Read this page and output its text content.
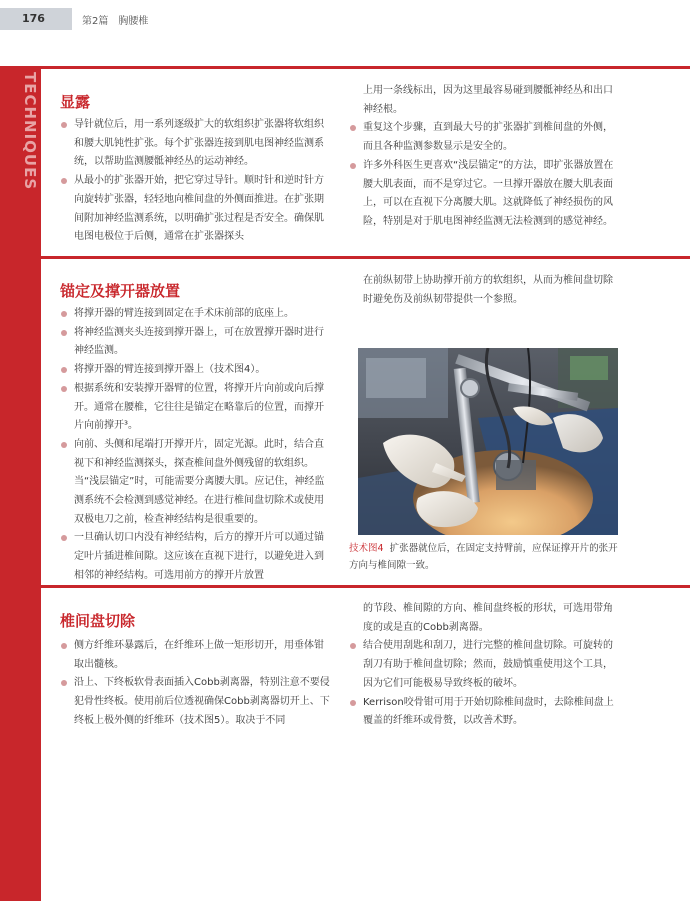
176	第2篇　胸腰椎
TECHNIQUES 显露
导针就位后，用一系列逐级扩大的软组织扩张器将软组织和腰大肌钝性扩张。每个扩张器连接到肌电图神经监测系统，以帮助监测腰骶神经丛的运动神经。
从最小的扩张器开始，把它穿过导针。顺时针和逆时针方向旋转扩张器，轻轻地向椎间盘的外侧面推进。在扩张期间附加神经监测系统，以明确扩张过程是否安全。确保肌电图电极位于后侧，通常在扩张器探头

上用一条线标出，因为这里最容易碰到腰骶神经丛和出口神经根。

重复这个步骤，直到最大号的扩张器扩到椎间盘的外侧，而且各种监测参数显示是安全的。
许多外科医生更喜欢“浅层锚定”的方法，即扩张器放置在腰大肌表面，而不是穿过它。一旦撑开器放在腰大肌表面上，可以在直视下分离腰大肌。这就降低了神经损伤的风险，特别是对于肌电图神经监测无法检测到的感觉神经。
锚定及撑开器放置
将撑开器的臂连接到固定在手术床前部的底座上。
将神经监测夹头连接到撑开器上，可在放置撑开器时进行神经监测。
将撑开器的臂连接到撑开器上（技术图4）。
根据系统和安装撑开器臂的位置，将撑开片向前或向后撑开。通常在腰椎，它往往是锚定在略靠后的位置，而撑开片向前撑开³。
向前、头侧和尾端打开撑开片，固定光源。此时，结合直视下和神经监测探头，探查椎间盘外侧残留的软组织。当“浅层锚定”时，可能需要分离腰大肌。应记住，神经监测系统不会检测到感觉神经。在进行椎间盘切除术或使用双极电刀之前，检查神经结构是很重要的。
一旦确认切口内没有神经结构，后方的撑开片可以通过锚定叶片插进椎间隙。这应该在直视下进行，以避免进入到相邻的神经结构。可选用前方的撑开片放置

在前纵韧带上协助撑开前方的软组织，从而为椎间盘切除时避免伤及前纵韧带提供一个参照。

技术图4 扩张器就位后，在固定支持臂前，应保证撑开片的张开方向与椎间隙一致。
椎间盘切除
侧方纤维环暴露后，在纤维环上做一矩形切开，用垂体钳取出髓核。
沿上、下终板软骨表面插入Cobb剥离器，特别注意不要侵犯骨性终板。使用前后位透视确保Cobb剥离器切开上、下终板上极外侧的纤维环（技术图5）。取决于不同

的节段、椎间隙的方向、椎间盘终板的形状，可选用带角度的或是直的Cobb剥离器。

结合使用刮匙和刮刀，进行完整的椎间盘切除。可旋转的刮刀有助于椎间盘切除；然而，鼓励慎重使用这个工具，因为它们可能极易导致终板的破坏。
Kerrison咬骨钳可用于开始切除椎间盘时，去除椎间盘上覆盖的纤维环或骨赘，以改善术野。
